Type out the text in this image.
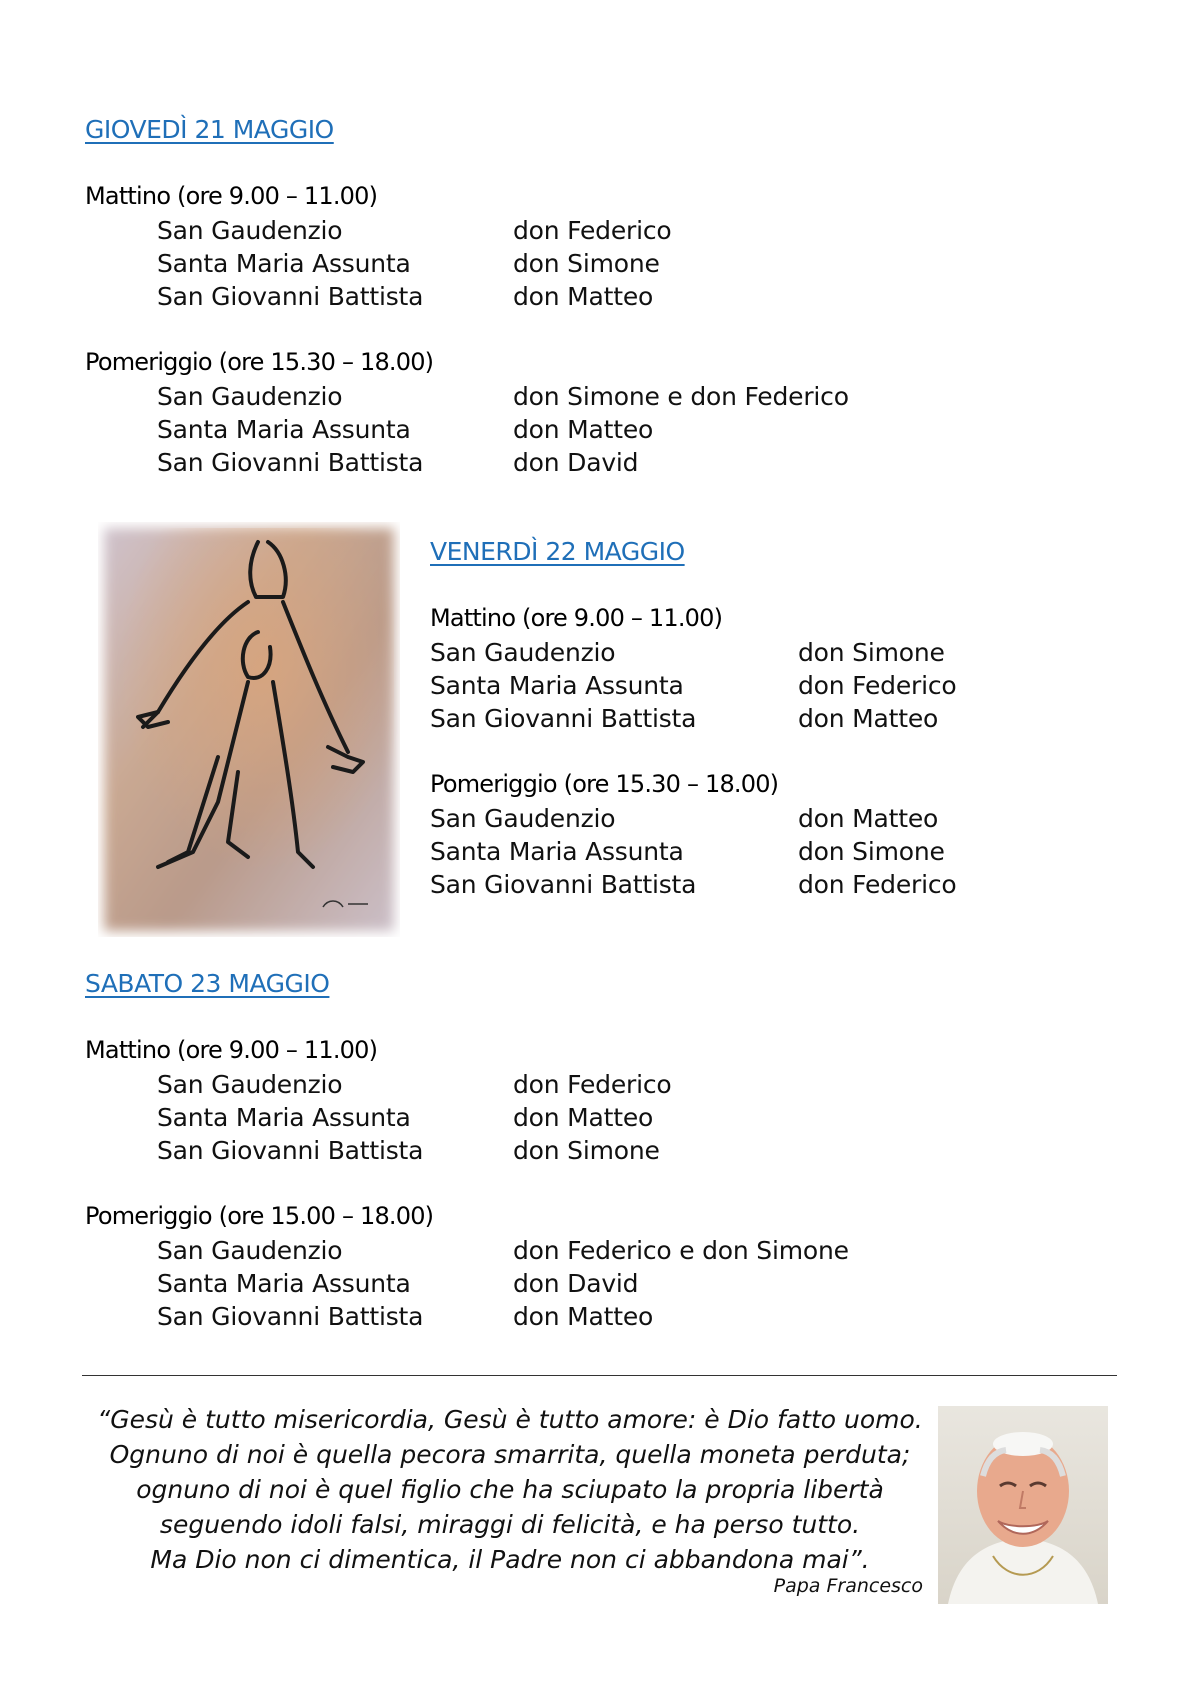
GIOVEDÌ 21 MAGGIO
Mattino (ore 9.00 – 11.00)
San Gaudenzio	don Federico
Santa Maria Assunta	don Simone
San Giovanni Battista	don Matteo
Pomeriggio (ore 15.30 – 18.00)
San Gaudenzio	don Simone e don Federico
Santa Maria Assunta	don Matteo
San Giovanni Battista	don David
VENERDÌ 22 MAGGIO
Mattino (ore 9.00 – 11.00)
San Gaudenzio	don Simone
Santa Maria Assunta	don Federico
San Giovanni Battista	don Matteo
Pomeriggio (ore 15.30 – 18.00)
San Gaudenzio	don Matteo
Santa Maria Assunta	don Simone
San Giovanni Battista	don Federico
SABATO 23 MAGGIO
Mattino (ore 9.00 – 11.00)
San Gaudenzio	don Federico
Santa Maria Assunta	don Matteo
San Giovanni Battista	don Simone
Pomeriggio (ore 15.00 – 18.00)
San Gaudenzio	don Federico e don Simone
Santa Maria Assunta	don David
San Giovanni Battista	don Matteo
“Gesù è tutto misericordia, Gesù è tutto amore: è Dio fatto uomo.
Ognuno di noi è quella pecora smarrita, quella moneta perduta;
ognuno di noi è quel figlio che ha sciupato la propria libertà
seguendo idoli falsi, miraggi di felicità, e ha perso tutto.
Ma Dio non ci dimentica, il Padre non ci abbandona mai”.
Papa Francesco
